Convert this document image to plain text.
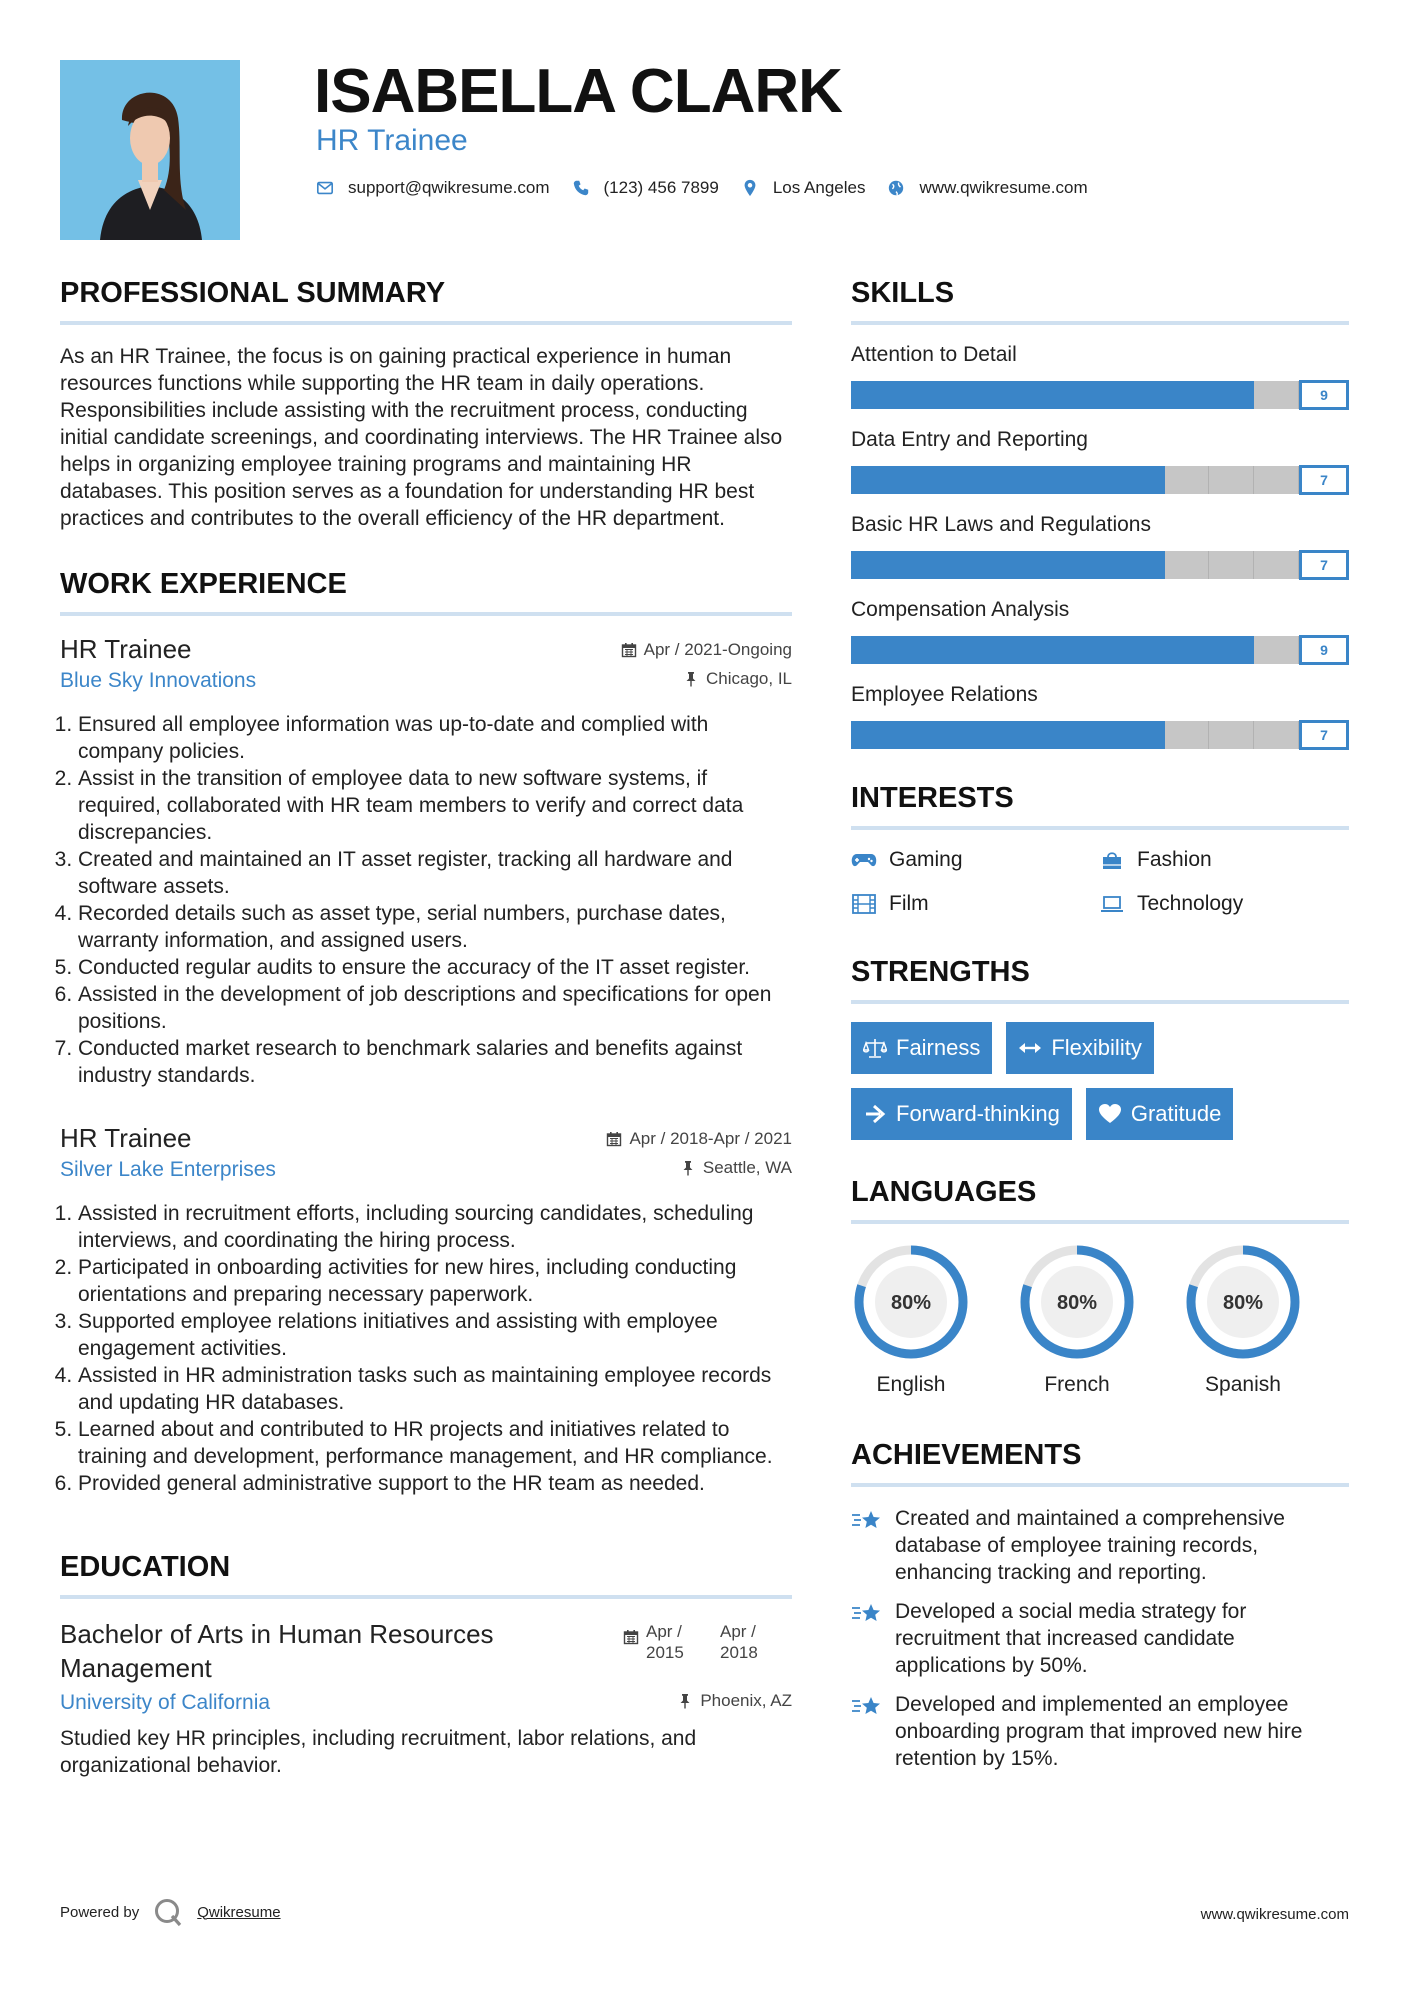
ISABELLA CLARK
HR Trainee
support@qwikresume.com	(123) 456 7899	Los Angeles	www.qwikresume.com
PROFESSIONAL SUMMARY

As an HR Trainee, the focus is on gaining practical experience in human resources functions while supporting the HR team in daily operations. Responsibilities include assisting with the recruitment process, conducting initial candidate screenings, and coordinating interviews. The HR Trainee also helps in organizing employee training programs and maintaining HR databases. This position serves as a foundation for understanding HR best practices and contributes to the overall efficiency of the HR department.

WORK EXPERIENCE
HR Trainee	Apr / 2021-Ongoing
Blue Sky Innovations	Chicago, IL
1. Ensured all employee information was up-to-date and complied with company policies.
2. Assist in the transition of employee data to new software systems, if required, collaborated with HR team members to verify and correct data discrepancies.
3. Created and maintained an IT asset register, tracking all hardware and software assets.
4. Recorded details such as asset type, serial numbers, purchase dates, warranty information, and assigned users.
5. Conducted regular audits to ensure the accuracy of the IT asset register.
6. Assisted in the development of job descriptions and specifications for open positions.
7. Conducted market research to benchmark salaries and benefits against industry standards.
HR Trainee	Apr / 2018-Apr / 2021
Silver Lake Enterprises	Seattle, WA
1. Assisted in recruitment efforts, including sourcing candidates, scheduling interviews, and coordinating the hiring process.
2. Participated in onboarding activities for new hires, including conducting orientations and preparing necessary paperwork.
3. Supported employee relations initiatives and assisting with employee engagement activities.
4. Assisted in HR administration tasks such as maintaining employee records and updating HR databases.
5. Learned about and contributed to HR projects and initiatives related to training and development, performance management, and HR compliance.
6. Provided general administrative support to the HR team as needed.
EDUCATION
Bachelor of Arts in Human Resources Management
Apr / 2015
Apr / 2018
University of California	Phoenix, AZ

Studied key HR principles, including recruitment, labor relations, and organizational behavior.

SKILLS
Attention to Detail
9
Data Entry and Reporting
7
Basic HR Laws and Regulations
7
Compensation Analysis
9
Employee Relations
7
INTERESTS
Gaming	Fashion
Film	Technology
STRENGTHS
Fairness	Flexibility
Forward-thinking	Gratitude
LANGUAGES
80%
English
80%
French
80%
Spanish
ACHIEVEMENTS
Created and maintained a comprehensive database of employee training records, enhancing tracking and reporting.
Developed a social media strategy for recruitment that increased candidate applications by 50%.
Developed and implemented an employee onboarding program that improved new hire retention by 15%.
Powered by	Qwikresume	www.qwikresume.com
